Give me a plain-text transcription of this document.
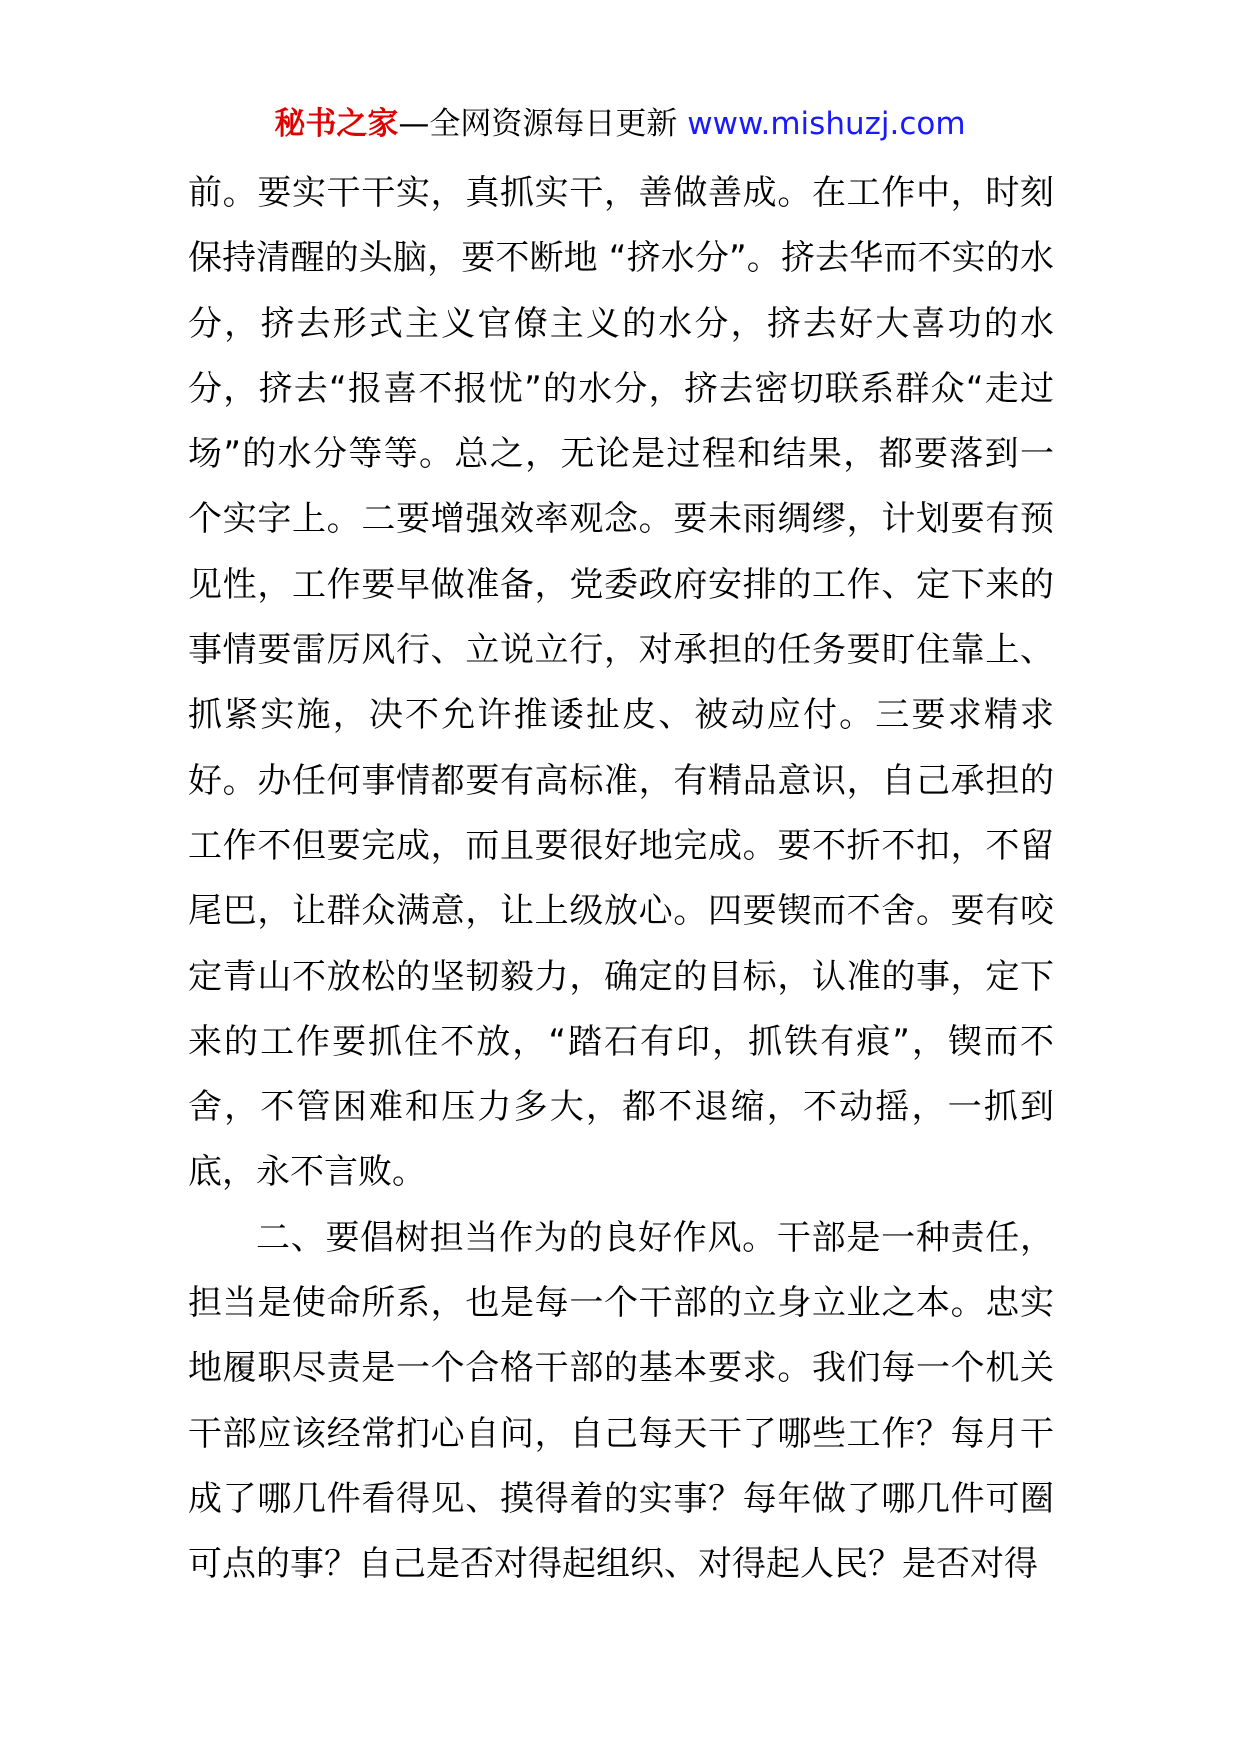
秘书之家—全网资源每日更新 www.mishuzj.com

前。要实干干实，真抓实干，善做善成。在工作中，时刻保持清醒的头脑，要不断地 “挤水分”。挤去华而不实的水分，挤去形式主义官僚主义的水分，挤去好大喜功的水分，挤去“报喜不报忧”的水分，挤去密切联系群众“走过场”的水分等等。总之，无论是过程和结果，都要落到一个实字上。二要增强效率观念。要未雨绸缪，计划要有预见性，工作要早做准备，党委政府安排的工作、定下来的事情要雷厉风行、立说立行，对承担的任务要盯住靠上、抓紧实施，决不允许推诿扯皮、被动应付。三要求精求好。办任何事情都要有高标准，有精品意识，自己承担的工作不但要完成，而且要很好地完成。要不折不扣，不留尾巴，让群众满意，让上级放心。四要锲而不舍。要有咬定青山不放松的坚韧毅力，确定的目标，认准的事，定下来的工作要抓住不放，“踏石有印，抓铁有痕”，锲而不舍，不管困难和压力多大，都不退缩，不动摇，一抓到底，永不言败。

二、要倡树担当作为的良好作风。干部是一种责任，担当是使命所系，也是每一个干部的立身立业之本。忠实地履职尽责是一个合格干部的基本要求。我们每一个机关干部应该经常扪心自问，自己每天干了哪些工作？每月干成了哪几件看得见、摸得着的实事？每年做了哪几件可圈可点的事？自己是否对得起组织、对得起人民？是否对得
